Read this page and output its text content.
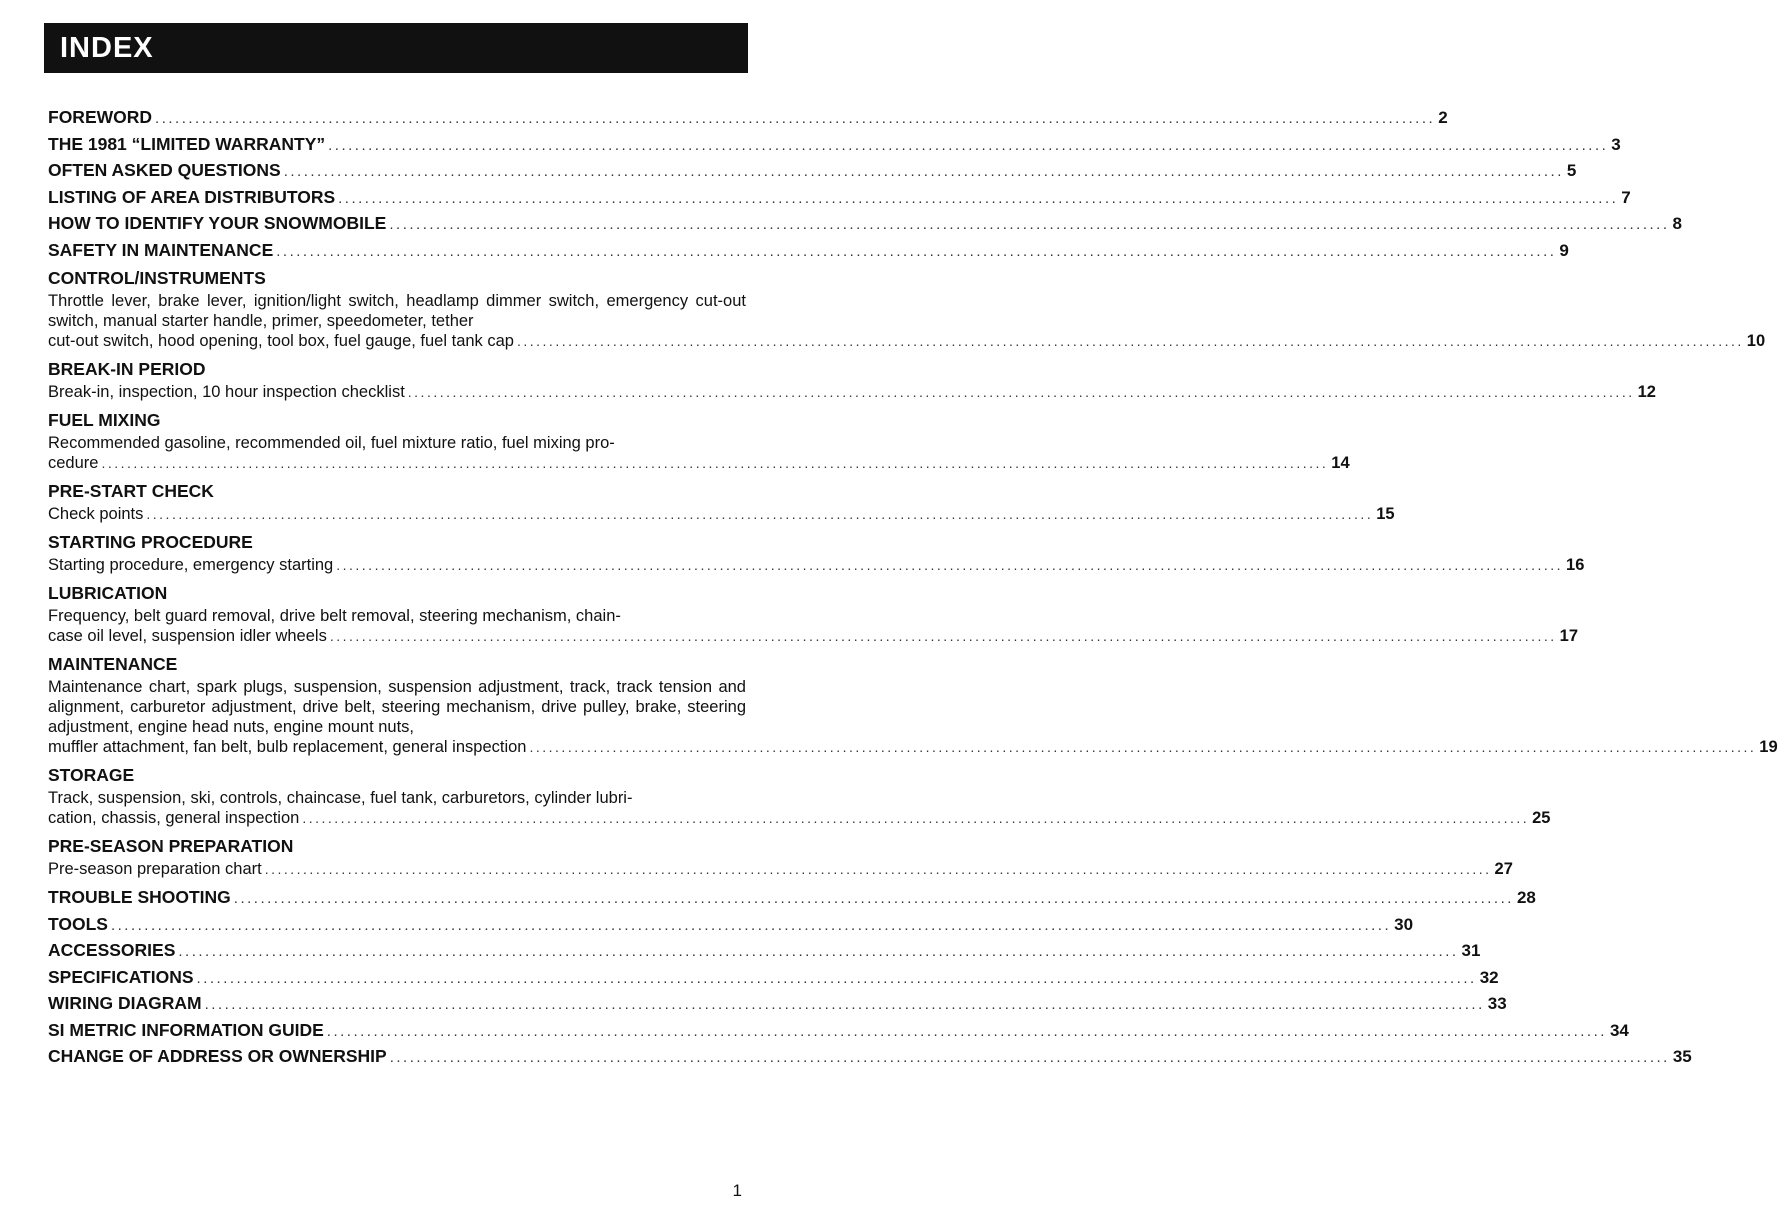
INDEX
FOREWORD ................................................................................................................................................................................................ 2
THE 1981 “LIMITED WARRANTY” ................................................................................................................................................................................................ 3
OFTEN ASKED QUESTIONS ................................................................................................................................................................................................ 5
LISTING OF AREA DISTRIBUTORS ................................................................................................................................................................................................ 7
HOW TO IDENTIFY YOUR SNOWMOBILE ................................................................................................................................................................................................ 8
SAFETY IN MAINTENANCE ................................................................................................................................................................................................ 9
CONTROL/INSTRUMENTS
Throttle lever, brake lever, ignition/light switch, headlamp dimmer switch, emergency cut-out switch, manual starter handle, primer, speedometer, tether
cut-out switch, hood opening, tool box, fuel gauge, fuel tank cap ................................................................................................................................................................................................ 10
BREAK-IN PERIOD
Break-in, inspection, 10 hour inspection checklist ................................................................................................................................................................................................ 12
FUEL MIXING
Recommended gasoline, recommended oil, fuel mixture ratio, fuel mixing pro-
cedure ................................................................................................................................................................................................ 14
PRE-START CHECK
Check points ................................................................................................................................................................................................ 15
STARTING PROCEDURE
Starting procedure, emergency starting ................................................................................................................................................................................................ 16
LUBRICATION
Frequency, belt guard removal, drive belt removal, steering mechanism, chain-
case oil level, suspension idler wheels ................................................................................................................................................................................................ 17
MAINTENANCE
Maintenance chart, spark plugs, suspension, suspension adjustment, track, track tension and alignment, carburetor adjustment, drive belt, steering mechanism, drive pulley, brake, steering adjustment, engine head nuts, engine mount nuts,
muffler attachment, fan belt, bulb replacement, general inspection ................................................................................................................................................................................................ 19
STORAGE
Track, suspension, ski, controls, chaincase, fuel tank, carburetors, cylinder lubri-
cation, chassis, general inspection ................................................................................................................................................................................................ 25
PRE-SEASON PREPARATION
Pre-season preparation chart ................................................................................................................................................................................................ 27
TROUBLE SHOOTING ................................................................................................................................................................................................ 28
TOOLS ................................................................................................................................................................................................ 30
ACCESSORIES ................................................................................................................................................................................................ 31
SPECIFICATIONS ................................................................................................................................................................................................ 32
WIRING DIAGRAM ................................................................................................................................................................................................ 33
SI METRIC INFORMATION GUIDE ................................................................................................................................................................................................ 34
CHANGE OF ADDRESS OR OWNERSHIP ................................................................................................................................................................................................ 35
1
